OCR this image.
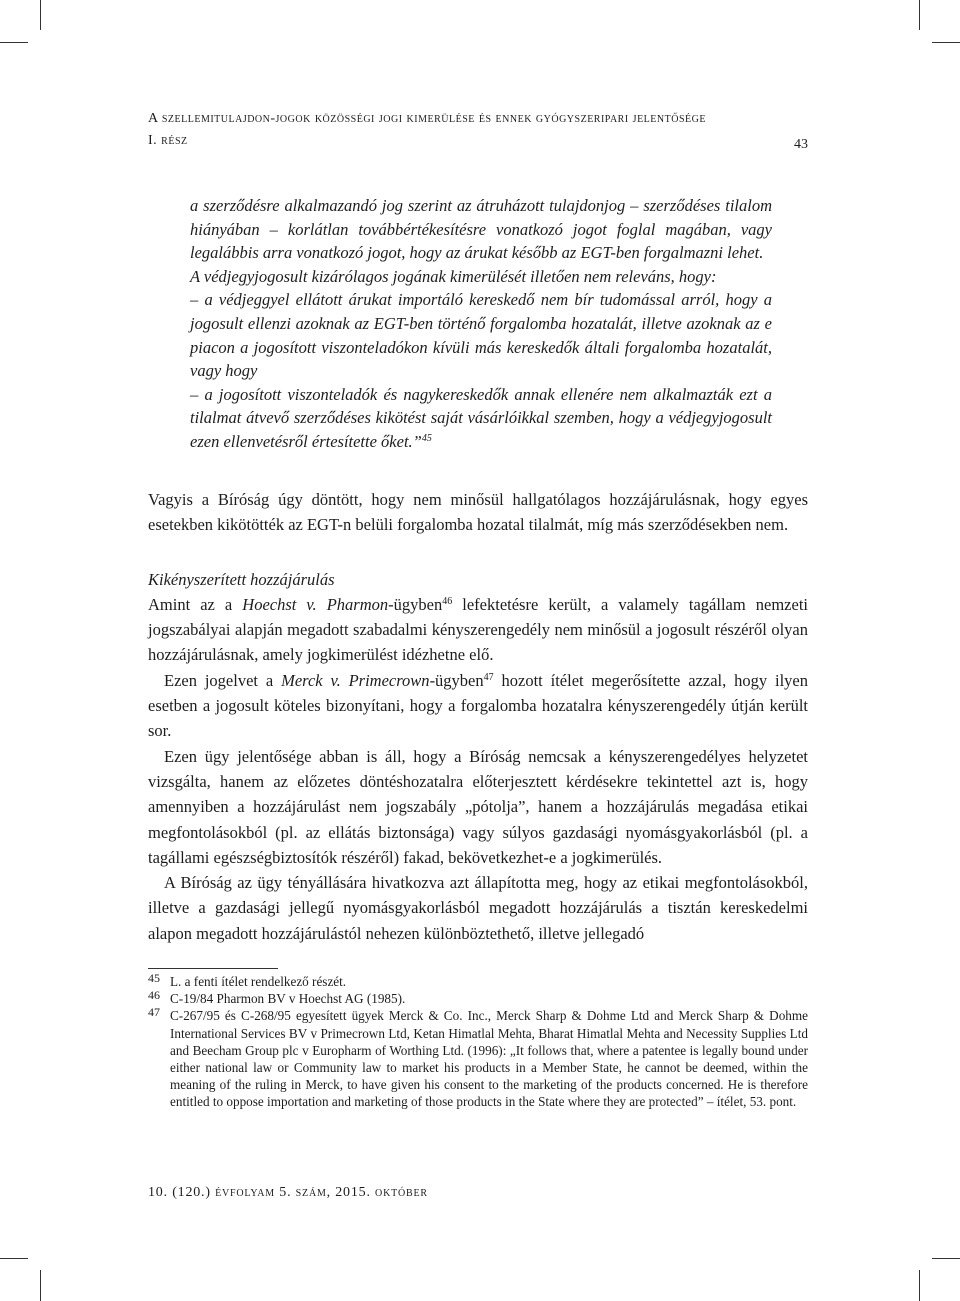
A szellemitulajdon-jogok közösségi jogi kimerülése és ennek gyógyszeripari jelentősége
I. rész	43

a szerződésre alkalmazandó jog szerint az átruházott tulajdonjog – szerződéses tilalom hiányában – korlátlan továbbértékesítésre vonatkozó jogot foglal magában, vagy legalábbis arra vonatkozó jogot, hogy az árukat később az EGT-ben forgalmazni lehet.

A védjegyjogosult kizárólagos jogának kimerülését illetően nem releváns, hogy:

– a védjeggyel ellátott árukat importáló kereskedő nem bír tudomással arról, hogy a jogosult ellenzi azoknak az EGT-ben történő forgalomba hozatalát, illetve azoknak az e piacon a jogosított viszonteladókon kívüli más kereskedők általi forgalomba hozatalát, vagy hogy

– a jogosított viszonteladók és nagykereskedők annak ellenére nem alkalmazták ezt a tilalmat átvevő szerződéses kikötést saját vásárlóikkal szemben, hogy a védjegyjogosult ezen ellenvetésről értesítette őket.”$^{45}$

Vagyis a Bíróság úgy döntött, hogy nem minősül hallgatólagos hozzájárulásnak, hogy egyes esetekben kikötötték az EGT-n belüli forgalomba hozatal tilalmát, míg más szerződésekben nem.

Kikényszerített hozzájárulás

Amint az a Hoechst v. Pharmon-ügyben$^{46}$ lefektetésre került, a valamely tagállam nemzeti jogszabályai alapján megadott szabadalmi kényszerengedély nem minősül a jogosult részéről olyan hozzájárulásnak, amely jogkimerülést idézhetne elő.

Ezen jogelvet a Merck v. Primecrown-ügyben$^{47}$ hozott ítélet megerősítette azzal, hogy ilyen esetben a jogosult köteles bizonyítani, hogy a forgalomba hozatalra kényszerengedély útján került sor.

Ezen ügy jelentősége abban is áll, hogy a Bíróság nemcsak a kényszerengedélyes helyzetet vizsgálta, hanem az előzetes döntéshozatalra előterjesztett kérdésekre tekintettel azt is, hogy amennyiben a hozzájárulást nem jogszabály „pótolja”, hanem a hozzájárulás megadása etikai megfontolásokból (pl. az ellátás biztonsága) vagy súlyos gazdasági nyomásgyakorlásból (pl. a tagállami egészségbiztosítók részéről) fakad, bekövetkezhet-e a jogkimerülés.

A Bíróság az ügy tényállására hivatkozva azt állapította meg, hogy az etikai megfontolásokból, illetve a gazdasági jellegű nyomásgyakorlásból megadott hozzájárulás a tisztán kereskedelmi alapon megadott hozzájárulástól nehezen különböztethető, illetve jellegadó

45 L. a fenti ítélet rendelkező részét.
46 C-19/84 Pharmon BV v Hoechst AG (1985).
47 C-267/95 és C-268/95 egyesített ügyek Merck & Co. Inc., Merck Sharp & Dohme Ltd and Merck Sharp & Dohme International Services BV v Primecrown Ltd, Ketan Himatlal Mehta, Bharat Himatlal Mehta and Necessity Supplies Ltd and Beecham Group plc v Europharm of Worthing Ltd. (1996): „It follows that, where a patentee is legally bound under either national law or Community law to market his products in a Member State, he cannot be deemed, within the meaning of the ruling in Merck, to have given his consent to the marketing of the products concerned. He is therefore entitled to oppose importation and marketing of those products in the State where they are protected” – ítélet, 53. pont.
10. (120.) évfolyam 5. szám, 2015. október
